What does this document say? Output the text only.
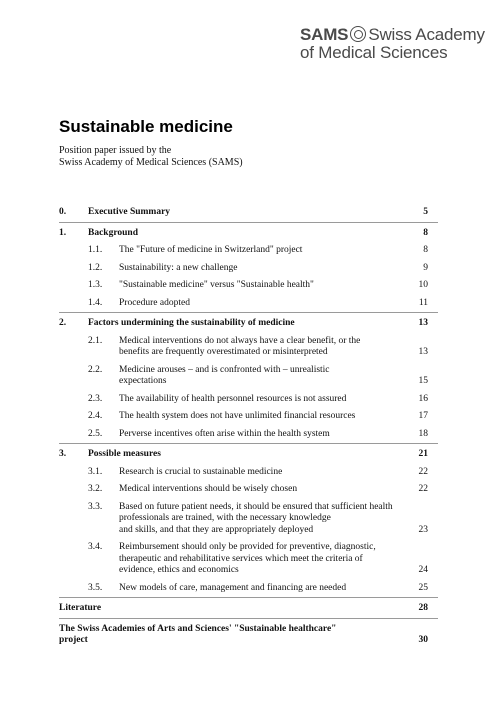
SAMS Swiss Academy
of Medical Sciences
Sustainable medicine
Position paper issued by the
Swiss Academy of Medical Sciences (SAMS)
0. Executive Summary	5
1. Background	8
1.1. The "Future of medicine in Switzerland" project	8
1.2. Sustainability: a new challenge	9
1.3. "Sustainable medicine" versus "Sustainable health"	10
1.4. Procedure adopted	11
2. Factors undermining the sustainability of medicine	13
2.1. Medical interventions do not always have a clear benefit, or the
benefits are frequently overestimated or misinterpreted	13
2.2. Medicine arouses – and is confronted with – unrealistic
expectations	15
2.3. The availability of health personnel resources is not assured	16
2.4. The health system does not have unlimited financial resources	17
2.5. Perverse incentives often arise within the health system	18
3. Possible measures	21
3.1. Research is crucial to sustainable medicine	22
3.2. Medical interventions should be wisely chosen	22
3.3. Based on future patient needs, it should be ensured that sufficient health
professionals are trained, with the necessary knowledge
and skills, and that they are appropriately deployed	23
3.4. Reimbursement should only be provided for preventive, diagnostic,
therapeutic and rehabilitative services which meet the criteria of
evidence, ethics and economics	24
3.5. New models of care, management and financing are needed	25
Literature	28
The Swiss Academies of Arts and Sciences' "Sustainable healthcare"
project	30
